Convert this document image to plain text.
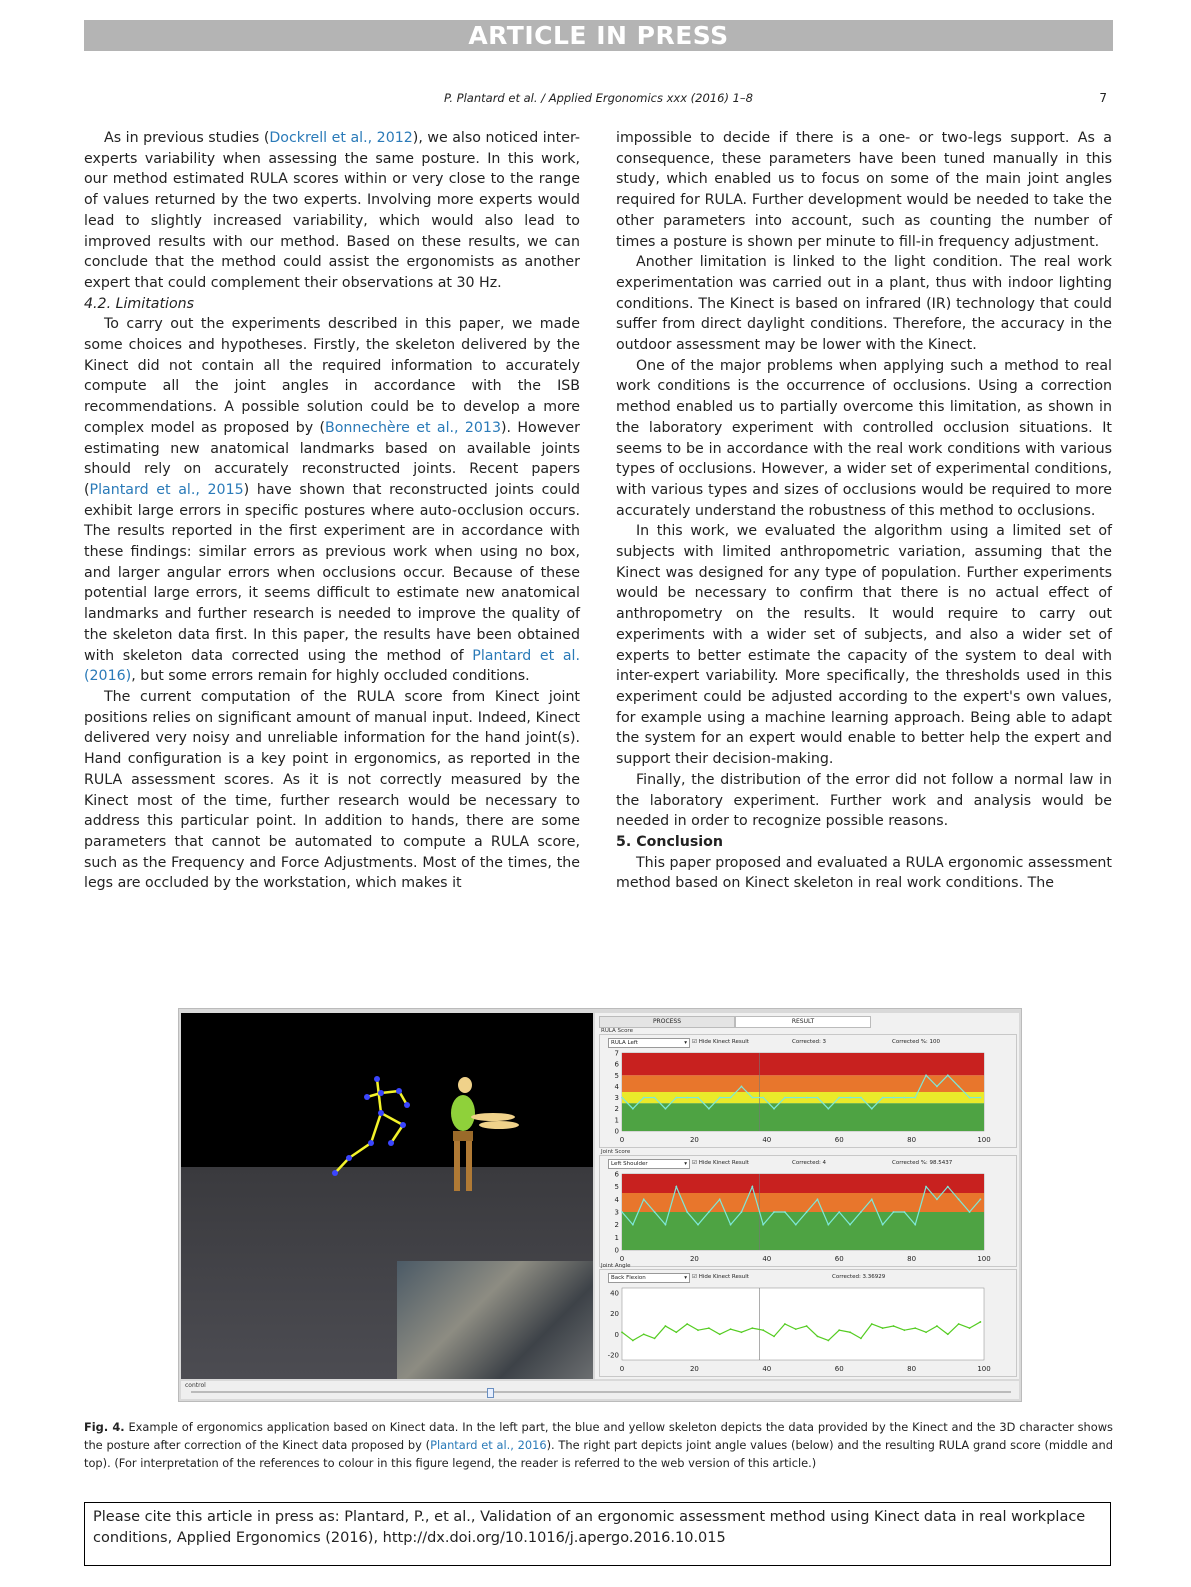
ARTICLE IN PRESS
P. Plantard et al. / Applied Ergonomics xxx (2016) 1–8	7

As in previous studies (Dockrell et al., 2012), we also noticed inter-experts variability when assessing the same posture. In this work, our method estimated RULA scores within or very close to the range of values returned by the two experts. Involving more experts would lead to slightly increased variability, which would also lead to improved results with our method. Based on these results, we can conclude that the method could assist the ergonomists as another expert that could complement their observations at 30 Hz.

4.2. Limitations

To carry out the experiments described in this paper, we made some choices and hypotheses. Firstly, the skeleton delivered by the Kinect did not contain all the required information to accurately compute all the joint angles in accordance with the ISB recommendations. A possible solution could be to develop a more complex model as proposed by (Bonnechère et al., 2013). However estimating new anatomical landmarks based on available joints should rely on accurately reconstructed joints. Recent papers (Plantard et al., 2015) have shown that reconstructed joints could exhibit large errors in specific postures where auto-occlusion occurs. The results reported in the first experiment are in accordance with these findings: similar errors as previous work when using no box, and larger angular errors when occlusions occur. Because of these potential large errors, it seems difficult to estimate new anatomical landmarks and further research is needed to improve the quality of the skeleton data first. In this paper, the results have been obtained with skeleton data corrected using the method of Plantard et al. (2016), but some errors remain for highly occluded conditions.

The current computation of the RULA score from Kinect joint positions relies on significant amount of manual input. Indeed, Kinect delivered very noisy and unreliable information for the hand joint(s). Hand configuration is a key point in ergonomics, as reported in the RULA assessment scores. As it is not correctly measured by the Kinect most of the time, further research would be necessary to address this particular point. In addition to hands, there are some parameters that cannot be automated to compute a RULA score, such as the Frequency and Force Adjustments. Most of the times, the legs are occluded by the workstation, which makes it

impossible to decide if there is a one- or two-legs support. As a consequence, these parameters have been tuned manually in this study, which enabled us to focus on some of the main joint angles required for RULA. Further development would be needed to take the other parameters into account, such as counting the number of times a posture is shown per minute to fill-in frequency adjustment.

Another limitation is linked to the light condition. The real work experimentation was carried out in a plant, thus with indoor lighting conditions. The Kinect is based on infrared (IR) technology that could suffer from direct daylight conditions. Therefore, the accuracy in the outdoor assessment may be lower with the Kinect.

One of the major problems when applying such a method to real work conditions is the occurrence of occlusions. Using a correction method enabled us to partially overcome this limitation, as shown in the laboratory experiment with controlled occlusion situations. It seems to be in accordance with the real work conditions with various types of occlusions. However, a wider set of experimental conditions, with various types and sizes of occlusions would be required to more accurately understand the robustness of this method to occlusions.

In this work, we evaluated the algorithm using a limited set of subjects with limited anthropometric variation, assuming that the Kinect was designed for any type of population. Further experiments would be necessary to confirm that there is no actual effect of anthropometry on the results. It would require to carry out experiments with a wider set of subjects, and also a wider set of experts to better estimate the capacity of the system to deal with inter-expert variability. More specifically, the thresholds used in this experiment could be adjusted according to the expert's own values, for example using a machine learning approach. Being able to adapt the system for an expert would enable to better help the expert and support their decision-making.

Finally, the distribution of the error did not follow a normal law in the laboratory experiment. Further work and analysis would be needed in order to recognize possible reasons.

5. Conclusion

This paper proposed and evaluated a RULA ergonomic assessment method based on Kinect skeleton in real work conditions. The

PROCESS	RESULT
RULA Score
RULA Left	▾ ☑ Hide Kinect Result	Corrected: 3	Corrected %: 100
0	20	40	60	80	100
0
1
2
3
4
5
6
7
Joint Score
Left Shoulder	▾ ☑ Hide Kinect Result	Corrected: 4	Corrected %: 98.5437
0	20	40	60	80	100
0
1
2
3
4
5
6
Joint Angle
Back Flexion	▾ ☑ Hide Kinect Result	Corrected: 3.36929
0	20	40	60	80	100
-20
0
20
40
control
Fig. 4. Example of ergonomics application based on Kinect data. In the left part, the blue and yellow skeleton depicts the data provided by the Kinect and the 3D character shows the posture after correction of the Kinect data proposed by (Plantard et al., 2016). The right part depicts joint angle values (below) and the resulting RULA grand score (middle and top). (For interpretation of the references to colour in this figure legend, the reader is referred to the web version of this article.)
Please cite this article in press as: Plantard, P., et al., Validation of an ergonomic assessment method using Kinect data in real workplace conditions, Applied Ergonomics (2016), http://dx.doi.org/10.1016/j.apergo.2016.10.015
